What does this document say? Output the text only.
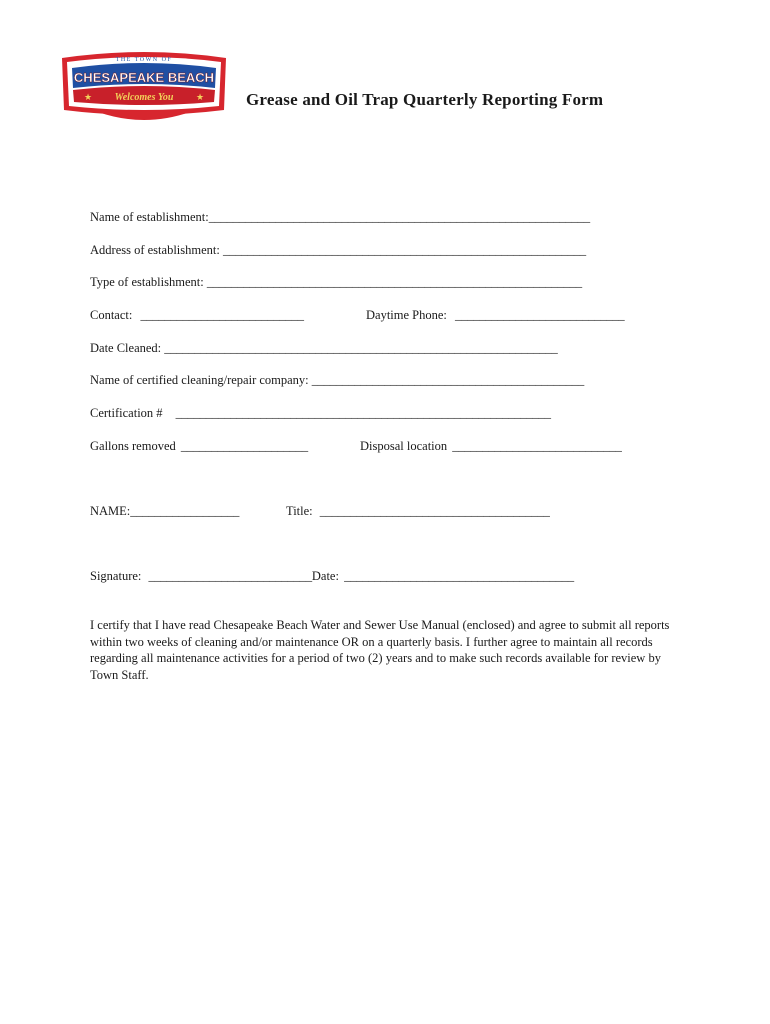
THE TOWN OF
CHESAPEAKE BEACH
Welcomes You
★	★ Grease and Oil Trap Quarterly Reporting Form
Name of establishment:_______________________________________________________________
Address of establishment: ____________________________________________________________
Type of establishment: ______________________________________________________________
Contact: ___________________________	Daytime Phone: ____________________________
Date Cleaned: _________________________________________________________________
Name of certified cleaning/repair company: _____________________________________________
Certification # ______________________________________________________________
Gallons removed _____________________	Disposal location ____________________________
NAME:__________________	Title: ______________________________________
Signature: ___________________________Date: ______________________________________
I certify that I have read Chesapeake Beach Water and Sewer Use Manual (enclosed) and agree to submit all reports within two weeks of cleaning and/or maintenance OR on a quarterly basis. I further agree to maintain all records regarding all maintenance activities for a period of two (2) years and to make such records available for review by Town Staff.
